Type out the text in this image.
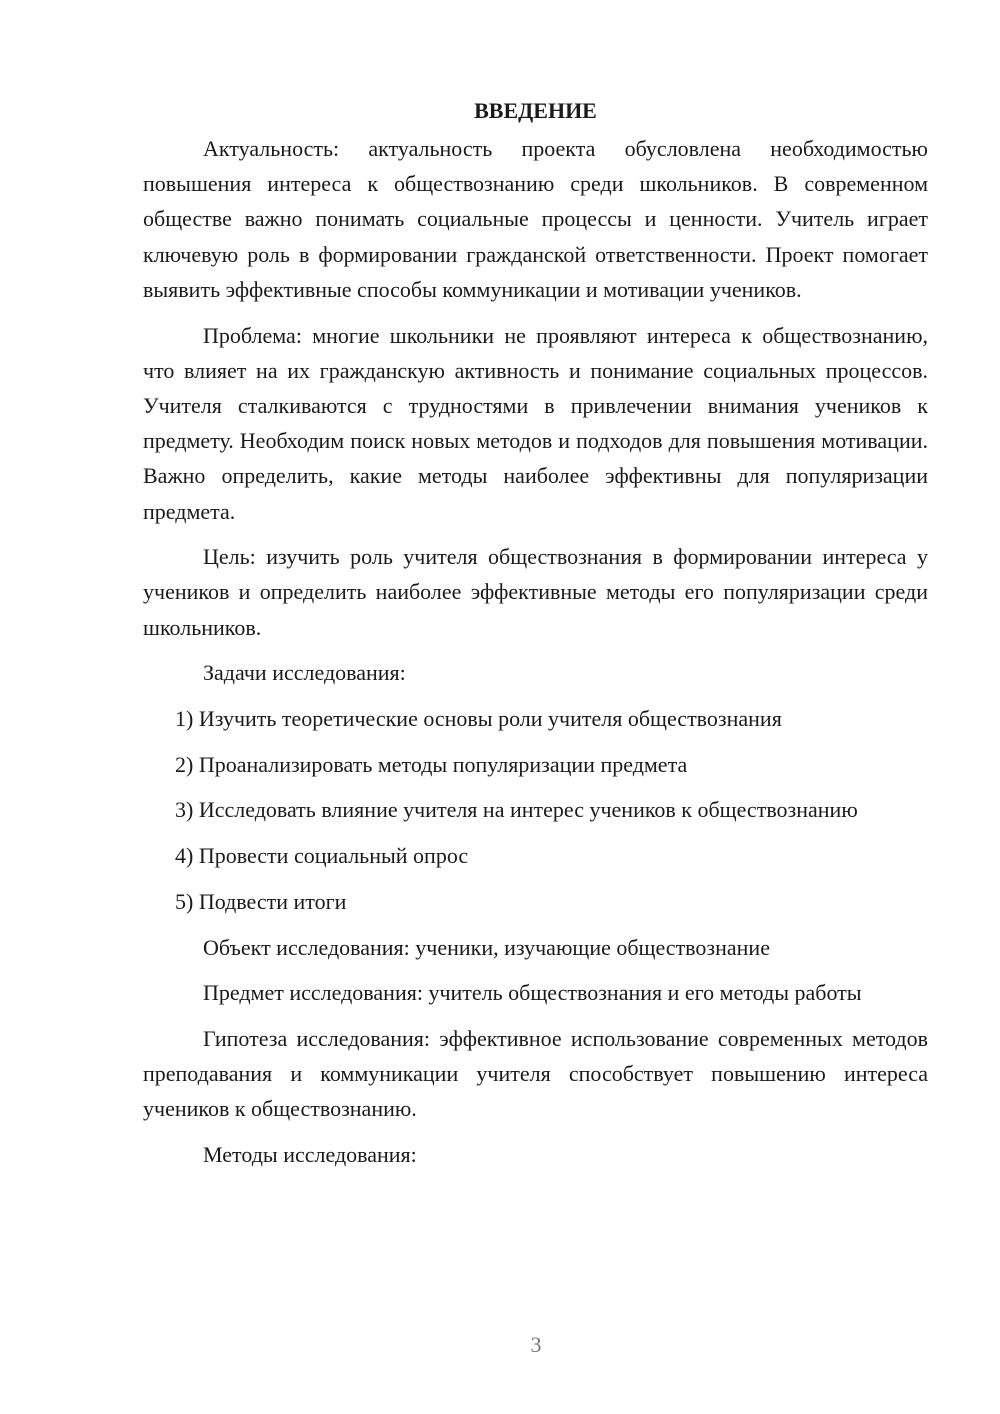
ВВЕДЕНИЕ

Актуальность: актуальность проекта обусловлена необходимостью повышения интереса к обществознанию среди школьников. В современном обществе важно понимать социальные процессы и ценности. Учитель играет ключевую роль в формировании гражданской ответственности. Проект помогает выявить эффективные способы коммуникации и мотивации учеников.

Проблема: многие школьники не проявляют интереса к обществознанию, что влияет на их гражданскую активность и понимание социальных процессов. Учителя сталкиваются с трудностями в привлечении внимания учеников к предмету. Необходим поиск новых методов и подходов для повышения мотивации. Важно определить, какие методы наиболее эффективны для популяризации предмета.

Цель: изучить роль учителя обществознания в формировании интереса у учеников и определить наиболее эффективные методы его популяризации среди школьников.

Задачи исследования:

1) Изучить теоретические основы роли учителя обществознания

2) Проанализировать методы популяризации предмета

3) Исследовать влияние учителя на интерес учеников к обществознанию

4) Провести социальный опрос

5) Подвести итоги

Объект исследования: ученики, изучающие обществознание

Предмет исследования: учитель обществознания и его методы работы

Гипотеза исследования: эффективное использование современных методов преподавания и коммуникации учителя способствует повышению интереса учеников к обществознанию.

Методы исследования:

3
